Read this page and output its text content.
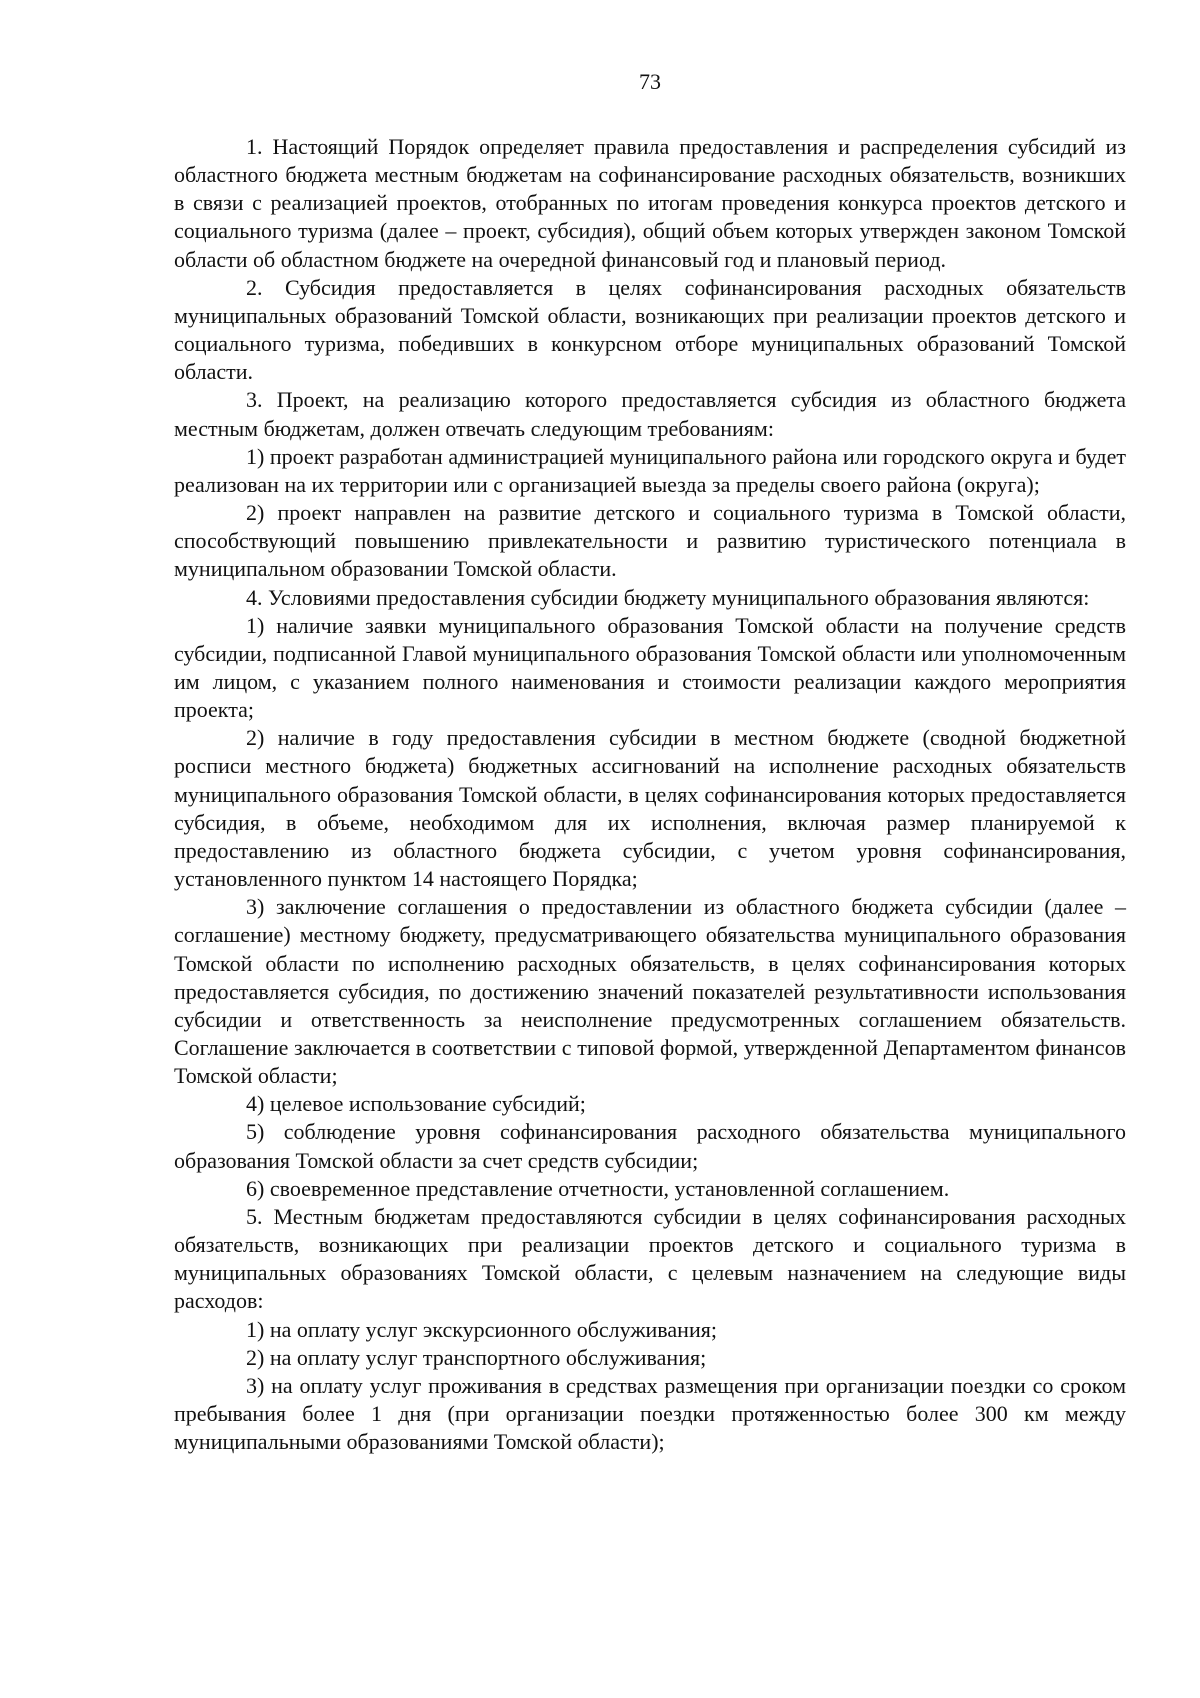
73

1. Настоящий Порядок определяет правила предоставления и распределения субсидий из областного бюджета местным бюджетам на софинансирование расходных обязательств, возникших в связи с реализацией проектов, отобранных по итогам проведения конкурса проектов детского и социального туризма (далее – проект, субсидия), общий объем которых утвержден законом Томской области об областном бюджете на очередной финансовый год и плановый период.

2. Субсидия предоставляется в целях софинансирования расходных обязательств муниципальных образований Томской области, возникающих при реализации проектов детского и социального туризма, победивших в конкурсном отборе муниципальных образований Томской области.

3. Проект, на реализацию которого предоставляется субсидия из областного бюджета местным бюджетам, должен отвечать следующим требованиям:

1) проект разработан администрацией муниципального района или городского округа и будет реализован на их территории или с организацией выезда за пределы своего района (округа);

2) проект направлен на развитие детского и социального туризма в Томской области, способствующий повышению привлекательности и развитию туристического потенциала в муниципальном образовании Томской области.

4. Условиями предоставления субсидии бюджету муниципального образования являются:

1) наличие заявки муниципального образования Томской области на получение средств субсидии, подписанной Главой муниципального образования Томской области или уполномоченным им лицом, с указанием полного наименования и стоимости реализации каждого мероприятия проекта;

2) наличие в году предоставления субсидии в местном бюджете (сводной бюджетной росписи местного бюджета) бюджетных ассигнований на исполнение расходных обязательств муниципального образования Томской области, в целях софинансирования которых предоставляется субсидия, в объеме, необходимом для их исполнения, включая размер планируемой к предоставлению из областного бюджета субсидии, с учетом уровня софинансирования, установленного пунктом 14 настоящего Порядка;

3) заключение соглашения о предоставлении из областного бюджета субсидии (далее – соглашение) местному бюджету, предусматривающего обязательства муниципального образования Томской области по исполнению расходных обязательств, в целях софинансирования которых предоставляется субсидия, по достижению значений показателей результативности использования субсидии и ответственность за неисполнение предусмотренных соглашением обязательств. Соглашение заключается в соответствии с типовой формой, утвержденной Департаментом финансов Томской области;

4) целевое использование субсидий;

5) соблюдение уровня софинансирования расходного обязательства муниципального образования Томской области за счет средств субсидии;

6) своевременное представление отчетности, установленной соглашением.

5. Местным бюджетам предоставляются субсидии в целях софинансирования расходных обязательств, возникающих при реализации проектов детского и социального туризма в муниципальных образованиях Томской области, с целевым назначением на следующие виды расходов:

1) на оплату услуг экскурсионного обслуживания;

2) на оплату услуг транспортного обслуживания;

3) на оплату услуг проживания в средствах размещения при организации поездки со сроком пребывания более 1 дня (при организации поездки протяженностью более 300 км между муниципальными образованиями Томской области);
